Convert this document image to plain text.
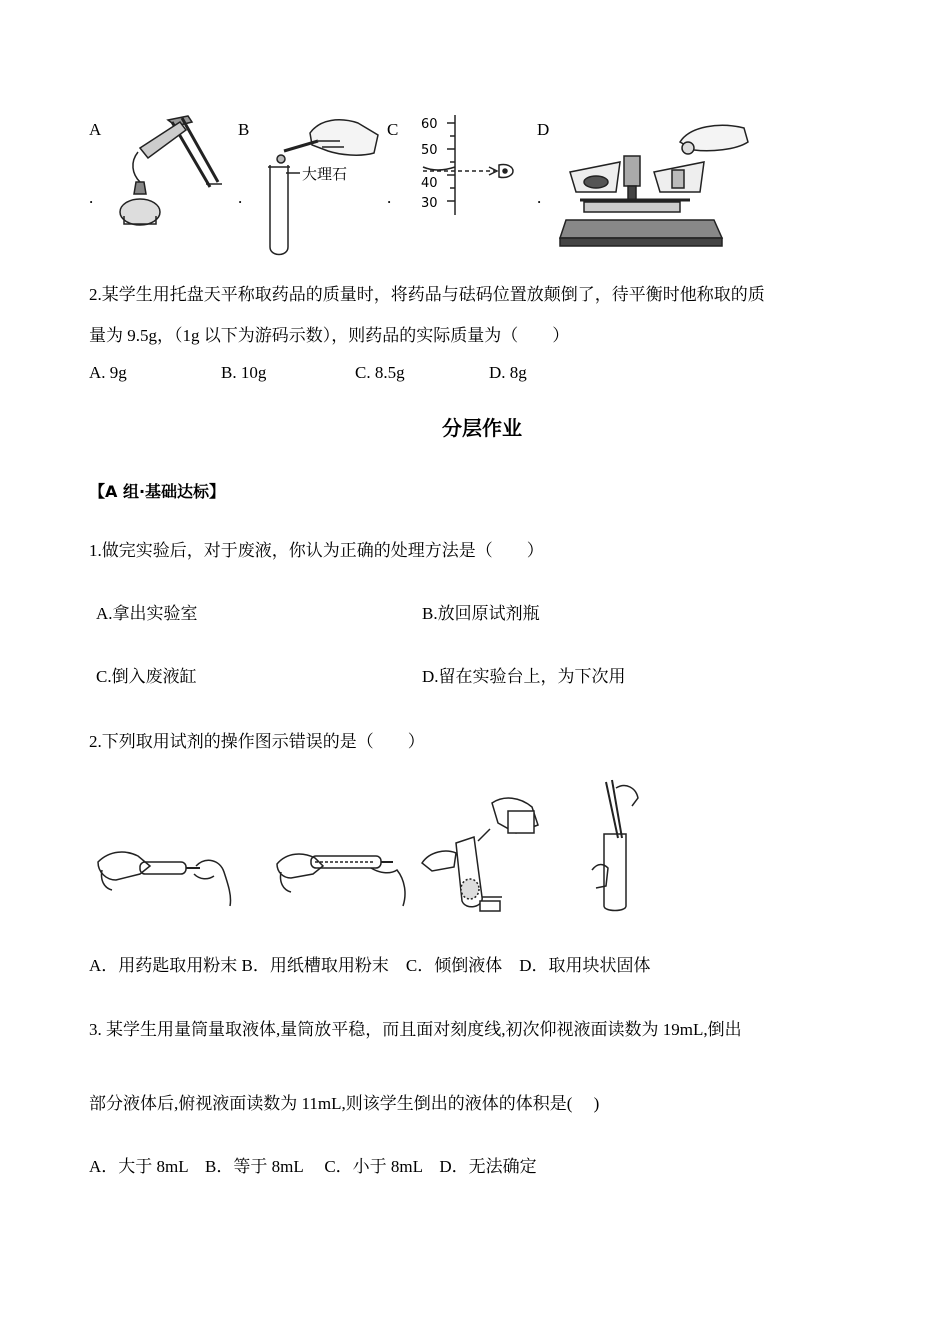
A	B	C	D
.	.	.	.
大理石
60
50
40
30
2.某学生用托盘天平称取药品的质量时，将药品与砝码位置放颠倒了，待平衡时他称取的质
量为 9.5g，（1g 以下为游码示数），则药品的实际质量为（　　）
A. 9g	B. 10g	C. 8.5g	D. 8g
分层作业
【A 组·基础达标】
1.做完实验后，对于废液，你认为正确的处理方法是（　　）
A.拿出实验室	B.放回原试剂瓶
C.倒入废液缸	D.留在实验台上，为下次用
2.下列取用试剂的操作图示错误的是（　　）
A．用药匙取用粉末 B．用纸槽取用粉末　C．倾倒液体　D．取用块状固体
3. 某学生用量筒量取液体,量筒放平稳，而且面对刻度线,初次仰视液面读数为 19mL,倒出
部分液体后,俯视液面读数为 11mL,则该学生倒出的液体的体积是(　 )
A．大于 8mL　B．等于 8mL　 C．小于 8mL　D．无法确定
